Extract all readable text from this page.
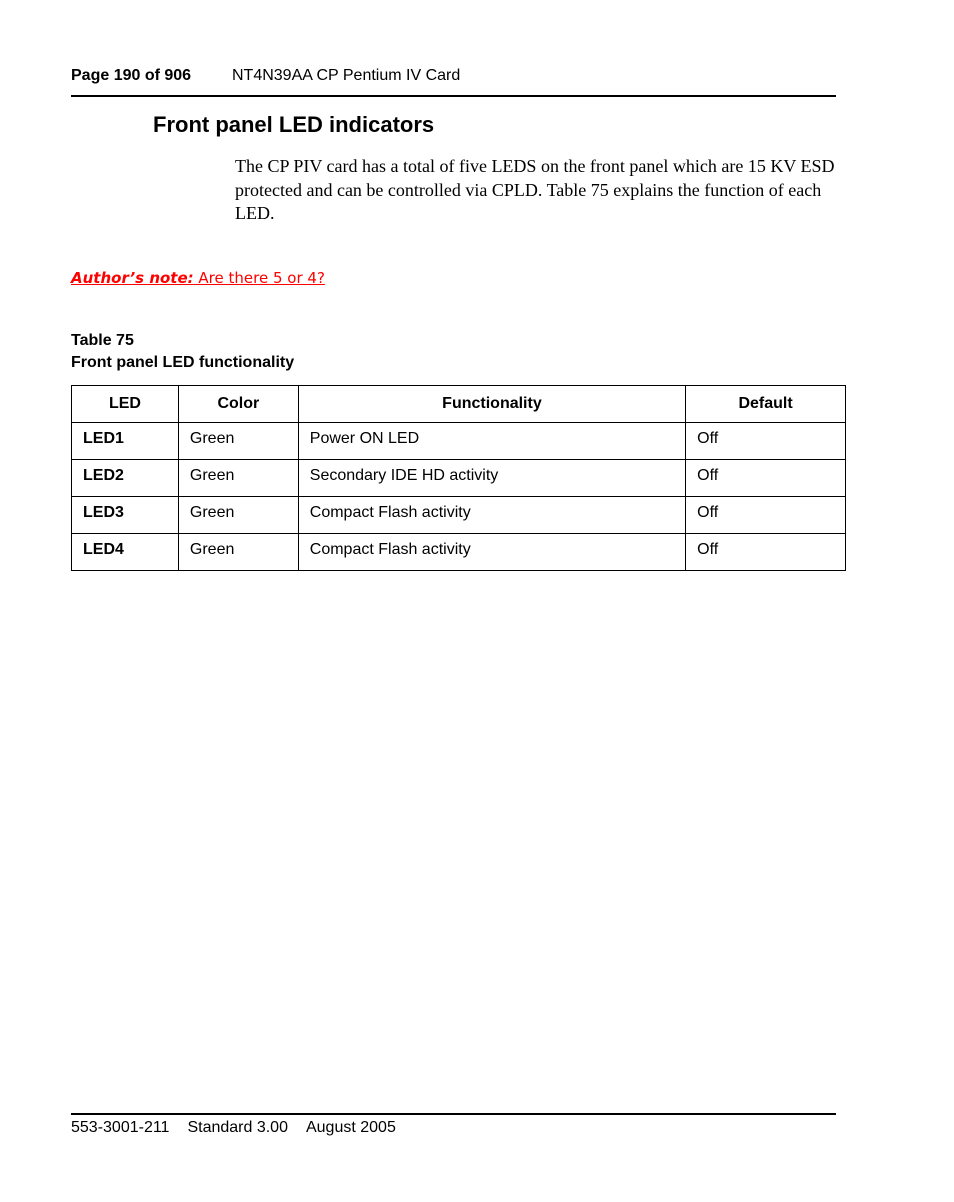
Page 190 of 906	NT4N39AA CP Pentium IV Card
Front panel LED indicators

The CP PIV card has a total of five LEDS on the front panel which are 15 KV ESD protected and can be controlled via CPLD. Table 75 explains the function of each LED.

Author’s note: Are there 5 or 4?

Table 75
Front panel LED functionality
LED	Color	Functionality	Default
LED1	Green	Power ON LED	Off
LED2	Green	Secondary IDE HD activity	Off
LED3	Green	Compact Flash activity	Off
LED4	Green	Compact Flash activity	Off
553-3001-211 Standard 3.00 August 2005
